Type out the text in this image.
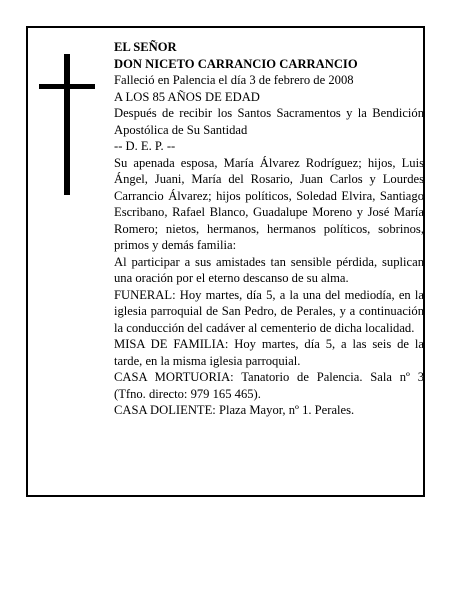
EL SEÑOR

DON NICETO CARRANCIO CARRANCIO

Falleció en Palencia el día 3 de febrero de 2008

A LOS 85 AÑOS DE EDAD

Después de recibir los Santos Sacramentos y la Bendición Apostólica de Su Santidad

-- D. E. P. --

Su apenada esposa, María Álvarez Rodríguez; hijos, Luis Ángel, Juani, María del Rosario, Juan Carlos y Lourdes Carrancio Álvarez; hijos políticos, Soledad Elvira, Santiago Escribano, Rafael Blanco, Guadalupe Moreno y José María Romero; nietos, hermanos, hermanos políticos, sobrinos, primos y demás familia:

Al participar a sus amistades tan sensible pérdida, suplican una oración por el eterno descanso de su alma.

FUNERAL: Hoy martes, día 5, a la una del mediodía, en la iglesia parroquial de San Pedro, de Perales, y a continuación la conducción del cadáver al cementerio de dicha localidad.

MISA DE FAMILIA: Hoy martes, día 5, a las seis de la tarde, en la misma iglesia parroquial.

CASA MORTUORIA: Tanatorio de Palencia. Sala nº 3 (Tfno. directo: 979 165 465).

CASA DOLIENTE: Plaza Mayor, nº 1. Perales.
